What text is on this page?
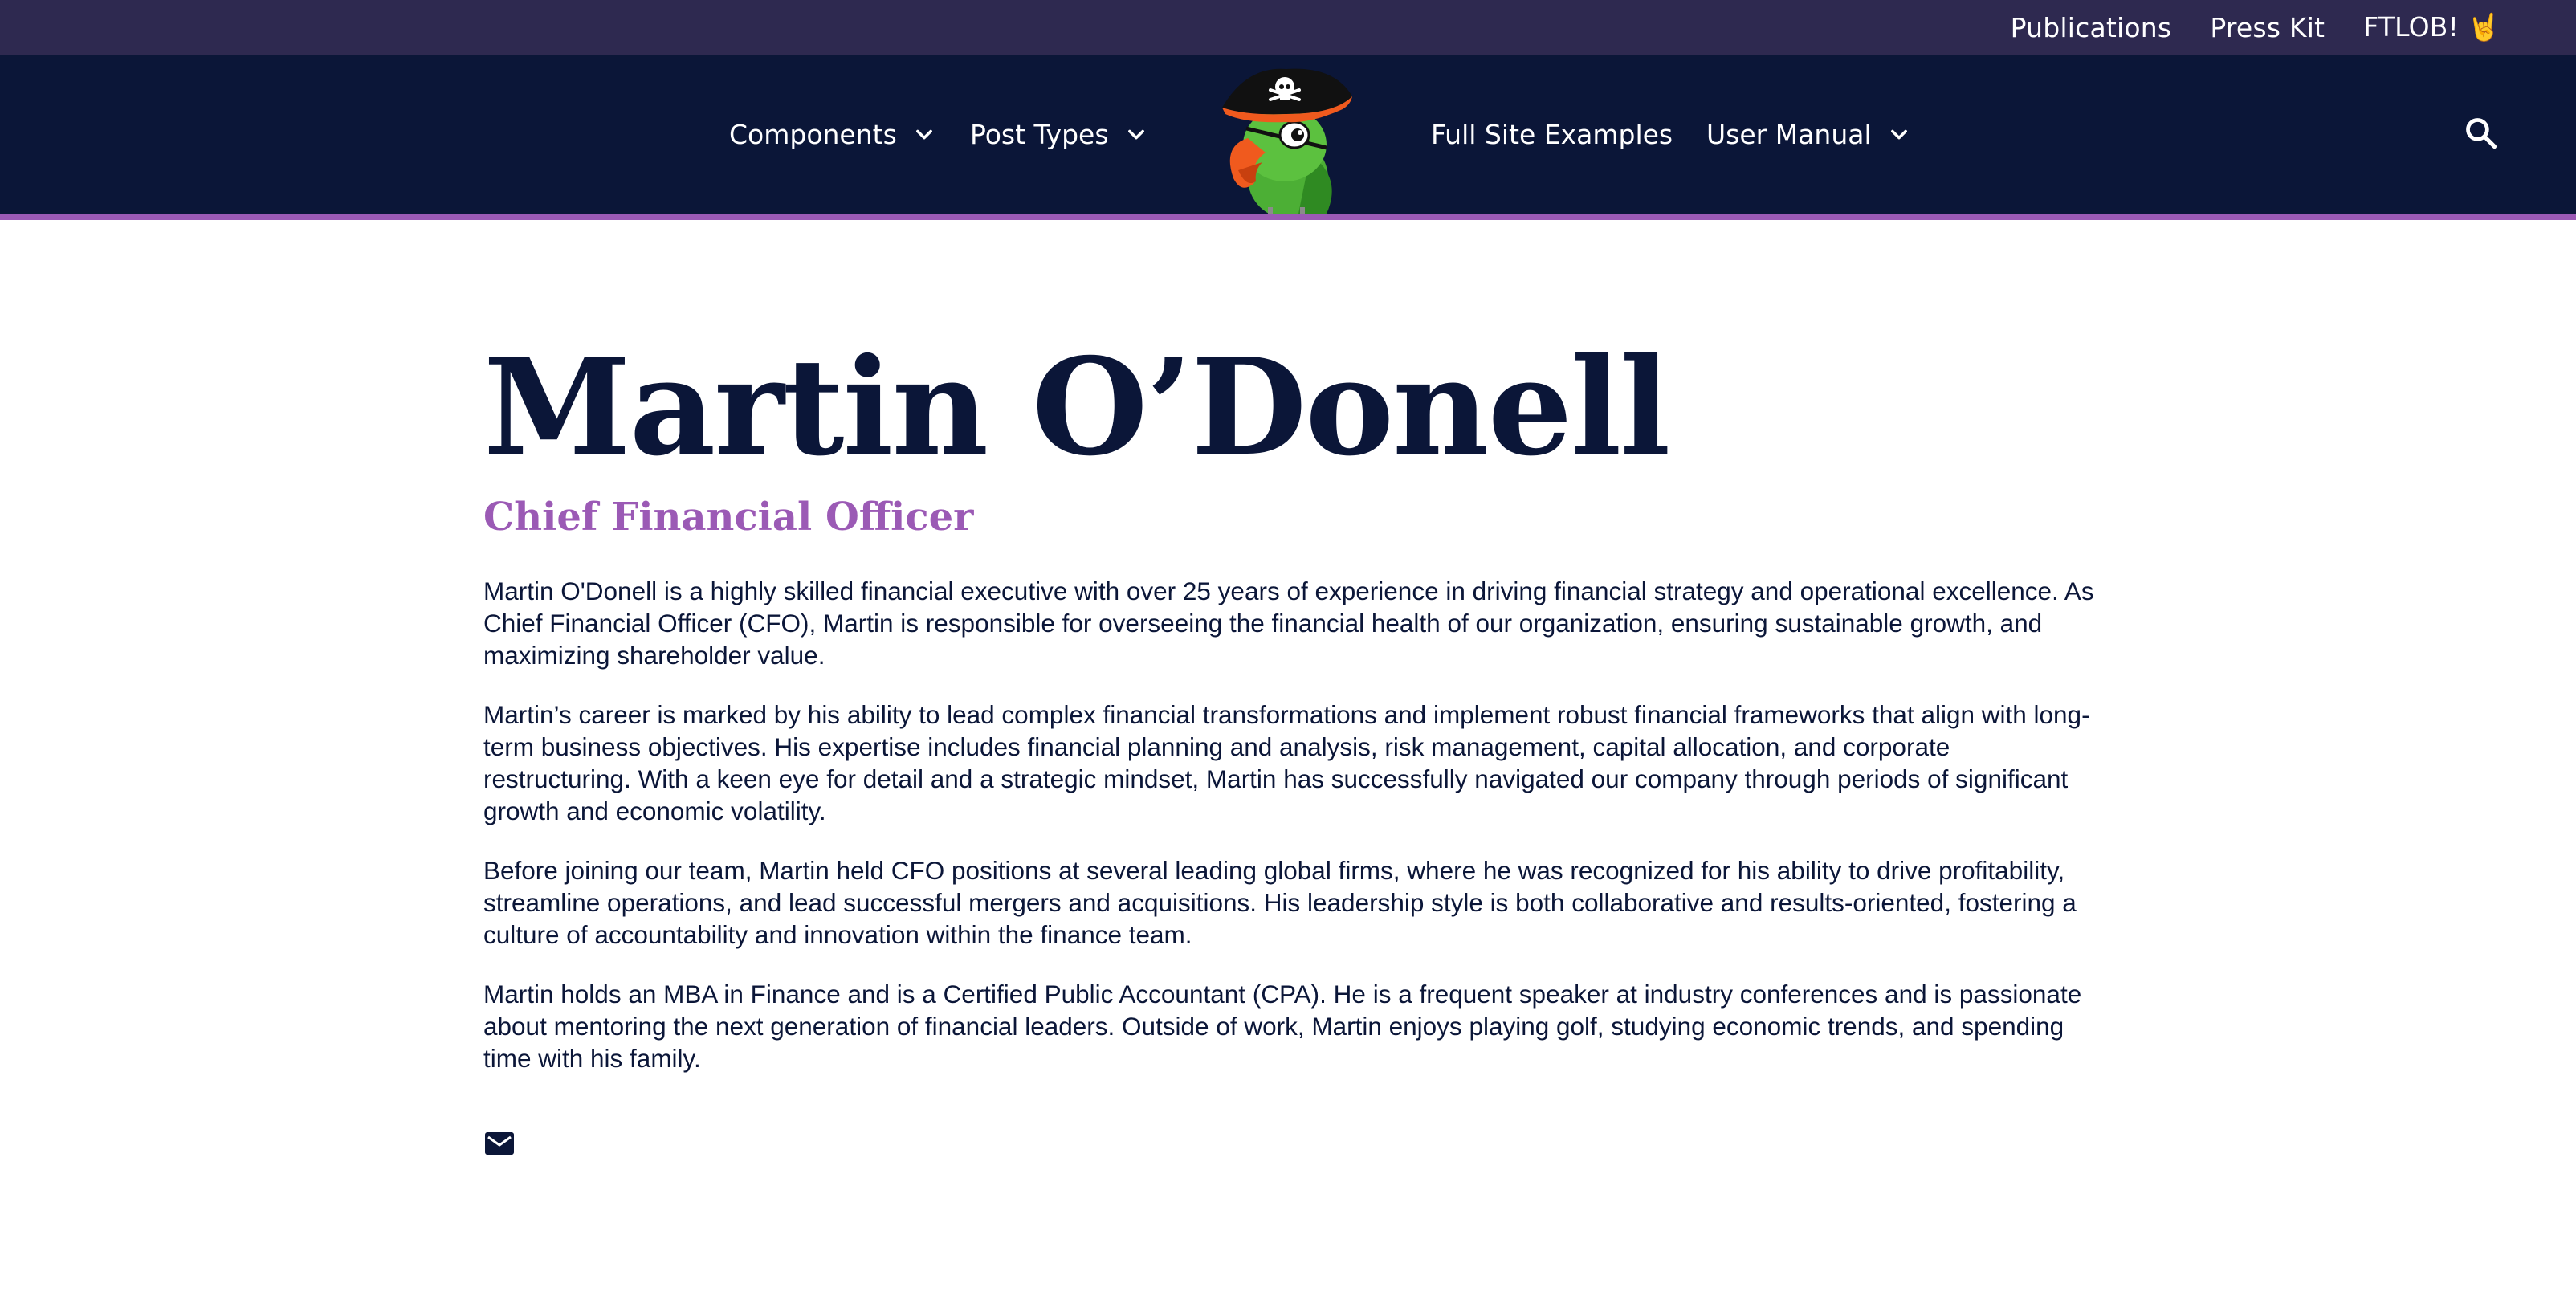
Publications Press Kit FTLOB! 🤘
Components	Post Types	Full Site Examples User Manual
Martin O’Donell
Chief Financial Officer

Martin O'Donell is a highly skilled financial executive with over 25 years of experience in driving financial strategy and operational excellence. As Chief Financial Officer (CFO), Martin is responsible for overseeing the financial health of our organization, ensuring sustainable growth, and maximizing shareholder value.

Martin’s career is marked by his ability to lead complex financial transformations and implement robust financial frameworks that align with long-term business objectives. His expertise includes financial planning and analysis, risk management, capital allocation, and corporate restructuring. With a keen eye for detail and a strategic mindset, Martin has successfully navigated our company through periods of significant growth and economic volatility.

Before joining our team, Martin held CFO positions at several leading global firms, where he was recognized for his ability to drive profitability, streamline operations, and lead successful mergers and acquisitions. His leadership style is both collaborative and results-oriented, fostering a culture of accountability and innovation within the finance team.

Martin holds an MBA in Finance and is a Certified Public Accountant (CPA). He is a frequent speaker at industry conferences and is passionate about mentoring the next generation of financial leaders. Outside of work, Martin enjoys playing golf, studying economic trends, and spending time with his family.
